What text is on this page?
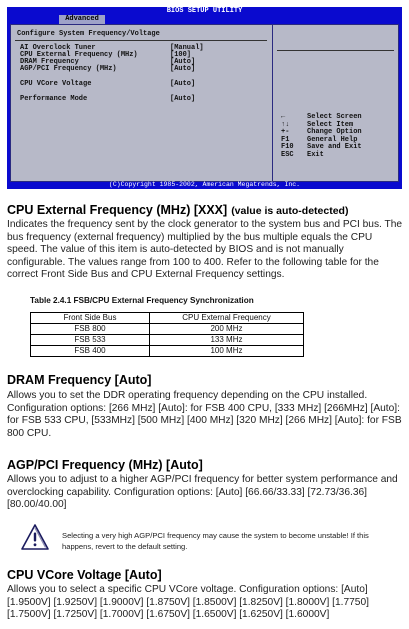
BIOS SETUP UTILITY
Advanced
Configure System Frequency/Voltage
AI Overclock Tuner	[Manual]
CPU External Frequency (MHz)	[100]
DRAM Frequency	[Auto]
AGP/PCI Frequency (MHz)	[Auto]
CPU VCore Voltage	[Auto]
Performance Mode	[Auto]
←	Select Screen
↑↓	Select Item
+-	Change Option
F1	General Help
F10 Save and Exit
ESC Exit
(C)Copyright 1985-2002, American Megatrends, Inc.
CPU External Frequency (MHz) [XXX] (value is auto-detected)
Indicates the frequency sent by the clock generator to the system bus and PCI bus. The bus frequency (external frequency) multiplied by the bus multiple equals the CPU speed. The value of this item is auto-detected by BIOS and is not manually configurable. The values range from 100 to 400. Refer to the following table for the correct Front Side Bus and CPU External Frequency settings.
Table 2.4.1 FSB/CPU External Frequency Synchronization
Front Side Bus	CPU External Frequency
FSB 800	200 MHz
FSB 533	133 MHz
FSB 400	100 MHz
DRAM Frequency [Auto]
Allows you to set the DDR operating frequency depending on the CPU installed. Configuration options: [266 MHz] [Auto]: for FSB 400 CPU, [333 MHz] [266MHz] [Auto]: for FSB 533 CPU, [533MHz] [500 MHz] [400 MHz] [320 MHz] [266 MHz] [Auto]: for FSB 800 CPU.
AGP/PCI Frequency (MHz) [Auto]
Allows you to adjust to a higher AGP/PCI frequency for better system performance and overclocking capability. Configuration options: [Auto] [66.66/33.33] [72.73/36.36] [80.00/40.00]
Selecting a very high AGP/PCI frequency may cause the system to become unstable! If this happens, revert to the default setting.
CPU VCore Voltage [Auto]
Allows you to select a specific CPU VCore voltage. Configuration options: [Auto] [1.9500V] [1.9250V] [1.9000V] [1.8750V] [1.8500V] [1.8250V] [1.8000V] [1.7750] [1.7500V] [1.7250V] [1.7000V] [1.6750V] [1.6500V] [1.6250V] [1.6000V]
